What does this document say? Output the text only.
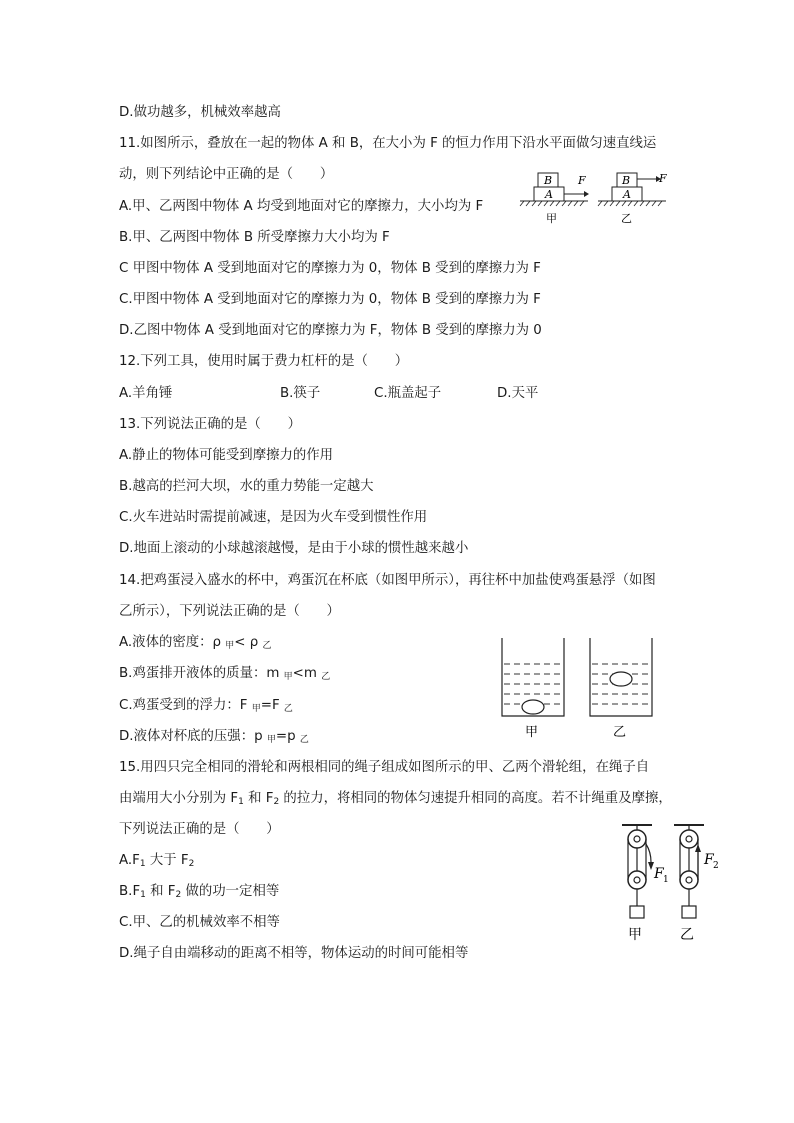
D.做功越多，机械效率越高
11.如图所示，叠放在一起的物体 A 和 B，在大小为 F 的恒力作用下沿水平面做匀速直线运
动，则下列结论中正确的是（　　）
A.甲、乙两图中物体 A 均受到地面对它的摩擦力，大小均为 F
B.甲、乙两图中物体 B 所受摩擦力大小均为 F
C 甲图中物体 A 受到地面对它的摩擦力为 0，物体 B 受到的摩擦力为 F
C.甲图中物体 A 受到地面对它的摩擦力为 0，物体 B 受到的摩擦力为 F
D.乙图中物体 A 受到地面对它的摩擦力为 F，物体 B 受到的摩擦力为 0
12.下列工具，使用时属于费力杠杆的是（　　）
A.羊角锤	B.筷子	C.瓶盖起子	D.天平
13.下列说法正确的是（　　）
A.静止的物体可能受到摩擦力的作用
B.越高的拦河大坝，水的重力势能一定越大
C.火车进站时需提前减速，是因为火车受到惯性作用
D.地面上滚动的小球越滚越慢，是由于小球的惯性越来越小
14.把鸡蛋浸入盛水的杯中，鸡蛋沉在杯底（如图甲所示），再往杯中加盐使鸡蛋悬浮（如图
乙所示），下列说法正确的是（　　）
A.液体的密度：ρ $_甲$< ρ $_乙$
B.鸡蛋排开液体的质量：m $_甲$<m $_乙$
C.鸡蛋受到的浮力：F $_甲$=F $_乙$
D.液体对杯底的压强：p $_甲$=p $_乙$
15.用四只完全相同的滑轮和两根相同的绳子组成如图所示的甲、乙两个滑轮组，在绳子自
由端用大小分别为 $F_1$ 和 $F_2$ 的拉力，将相同的物体匀速提升相同的高度。若不计绳重及摩擦，
下列说法正确的是（　　）
$A.F_1$ 大于 $F_2$
$B.F_1$ 和 $F_2$ 做的功一定相等
C.甲、乙的机械效率不相等
D.绳子自由端移动的距离不相等，物体运动的时间可能相等
B
A
F
甲
B	F
A
乙
甲	乙
F 1
甲
F 2
乙
